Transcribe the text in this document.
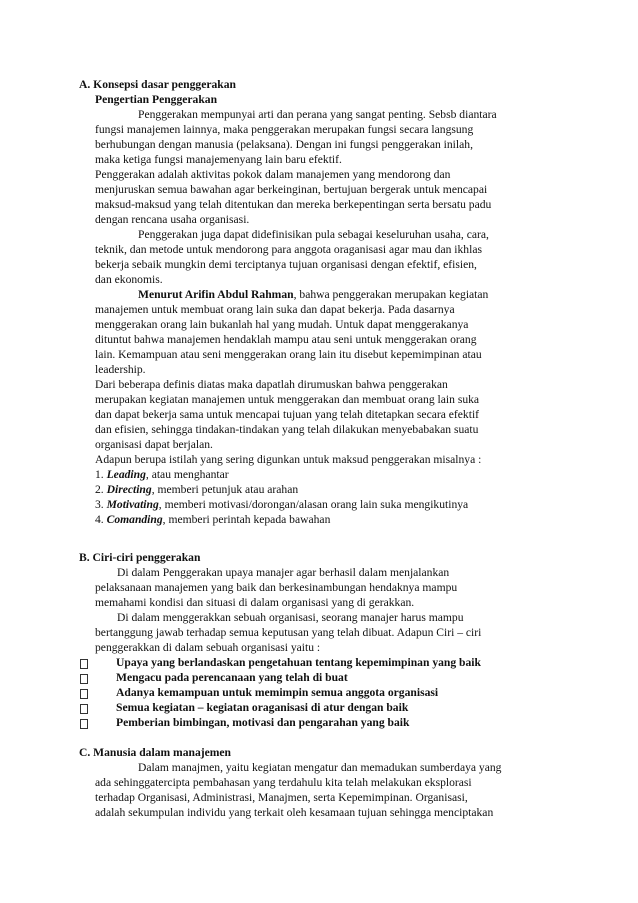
A. Konsepsi dasar penggerakan
Pengertian Penggerakan
Penggerakan mempunyai arti dan perana yang sangat penting. Sebsb diantara
fungsi manajemen lainnya, maka penggerakan merupakan fungsi secara langsung
berhubungan dengan manusia (pelaksana). Dengan ini fungsi penggerakan inilah,
maka ketiga fungsi manajemenyang lain baru efektif.
Penggerakan adalah aktivitas pokok dalam manajemen yang mendorong dan
menjuruskan semua bawahan agar berkeinginan, bertujuan bergerak untuk mencapai
maksud-maksud yang telah ditentukan dan mereka berkepentingan serta bersatu padu
dengan rencana usaha organisasi.
Penggerakan juga dapat didefinisikan pula sebagai keseluruhan usaha, cara,
teknik, dan metode untuk mendorong para anggota oraganisasi agar mau dan ikhlas
bekerja sebaik mungkin demi terciptanya tujuan organisasi dengan efektif, efisien,
dan ekonomis.
Menurut Arifin Abdul Rahman, bahwa penggerakan merupakan kegiatan
manajemen untuk membuat orang lain suka dan dapat bekerja. Pada dasarnya
menggerakan orang lain bukanlah hal yang mudah. Untuk dapat menggerakanya
dituntut bahwa manajemen hendaklah mampu atau seni untuk menggerakan orang
lain. Kemampuan atau seni menggerakan orang lain itu disebut kepemimpinan atau
leadership.
Dari beberapa definis diatas maka dapatlah dirumuskan bahwa penggerakan
merupakan kegiatan manajemen untuk menggerakan dan membuat orang lain suka
dan dapat bekerja sama untuk mencapai tujuan yang telah ditetapkan secara efektif
dan efisien, sehingga tindakan-tindakan yang telah dilakukan menyebabakan suatu
organisasi dapat berjalan.
Adapun berupa istilah yang sering digunkan untuk maksud penggerakan misalnya :
1. Leading, atau menghantar
2. Directing, memberi petunjuk atau arahan
3. Motivating, memberi motivasi/dorongan/alasan orang lain suka mengikutinya
4. Comanding, memberi perintah kepada bawahan
B. Ciri-ciri penggerakan
Di dalam Penggerakan upaya manajer agar berhasil dalam menjalankan
pelaksanaan manajemen yang baik dan berkesinambungan hendaknya mampu
memahami kondisi dan situasi di dalam organisasi yang di gerakkan.
Di dalam menggerakkan sebuah organisasi, seorang manajer harus mampu
bertanggung jawab terhadap semua keputusan yang telah dibuat. Adapun Ciri – ciri
penggerakkan di dalam sebuah organisasi yaitu :
Upaya yang berlandaskan pengetahuan tentang kepemimpinan yang baik
Mengacu pada perencanaan yang telah di buat
Adanya kemampuan untuk memimpin semua anggota organisasi
Semua kegiatan – kegiatan oraganisasi di atur dengan baik
Pemberian bimbingan, motivasi dan pengarahan yang baik
C. Manusia dalam manajemen
Dalam manajmen, yaitu kegiatan mengatur dan memadukan sumberdaya yang
ada sehinggatercipta pembahasan yang terdahulu kita telah melakukan eksplorasi
terhadap Organisasi, Administrasi, Manajmen, serta Kepemimpinan. Organisasi,
adalah sekumpulan individu yang terkait oleh kesamaan tujuan sehingga menciptakan
